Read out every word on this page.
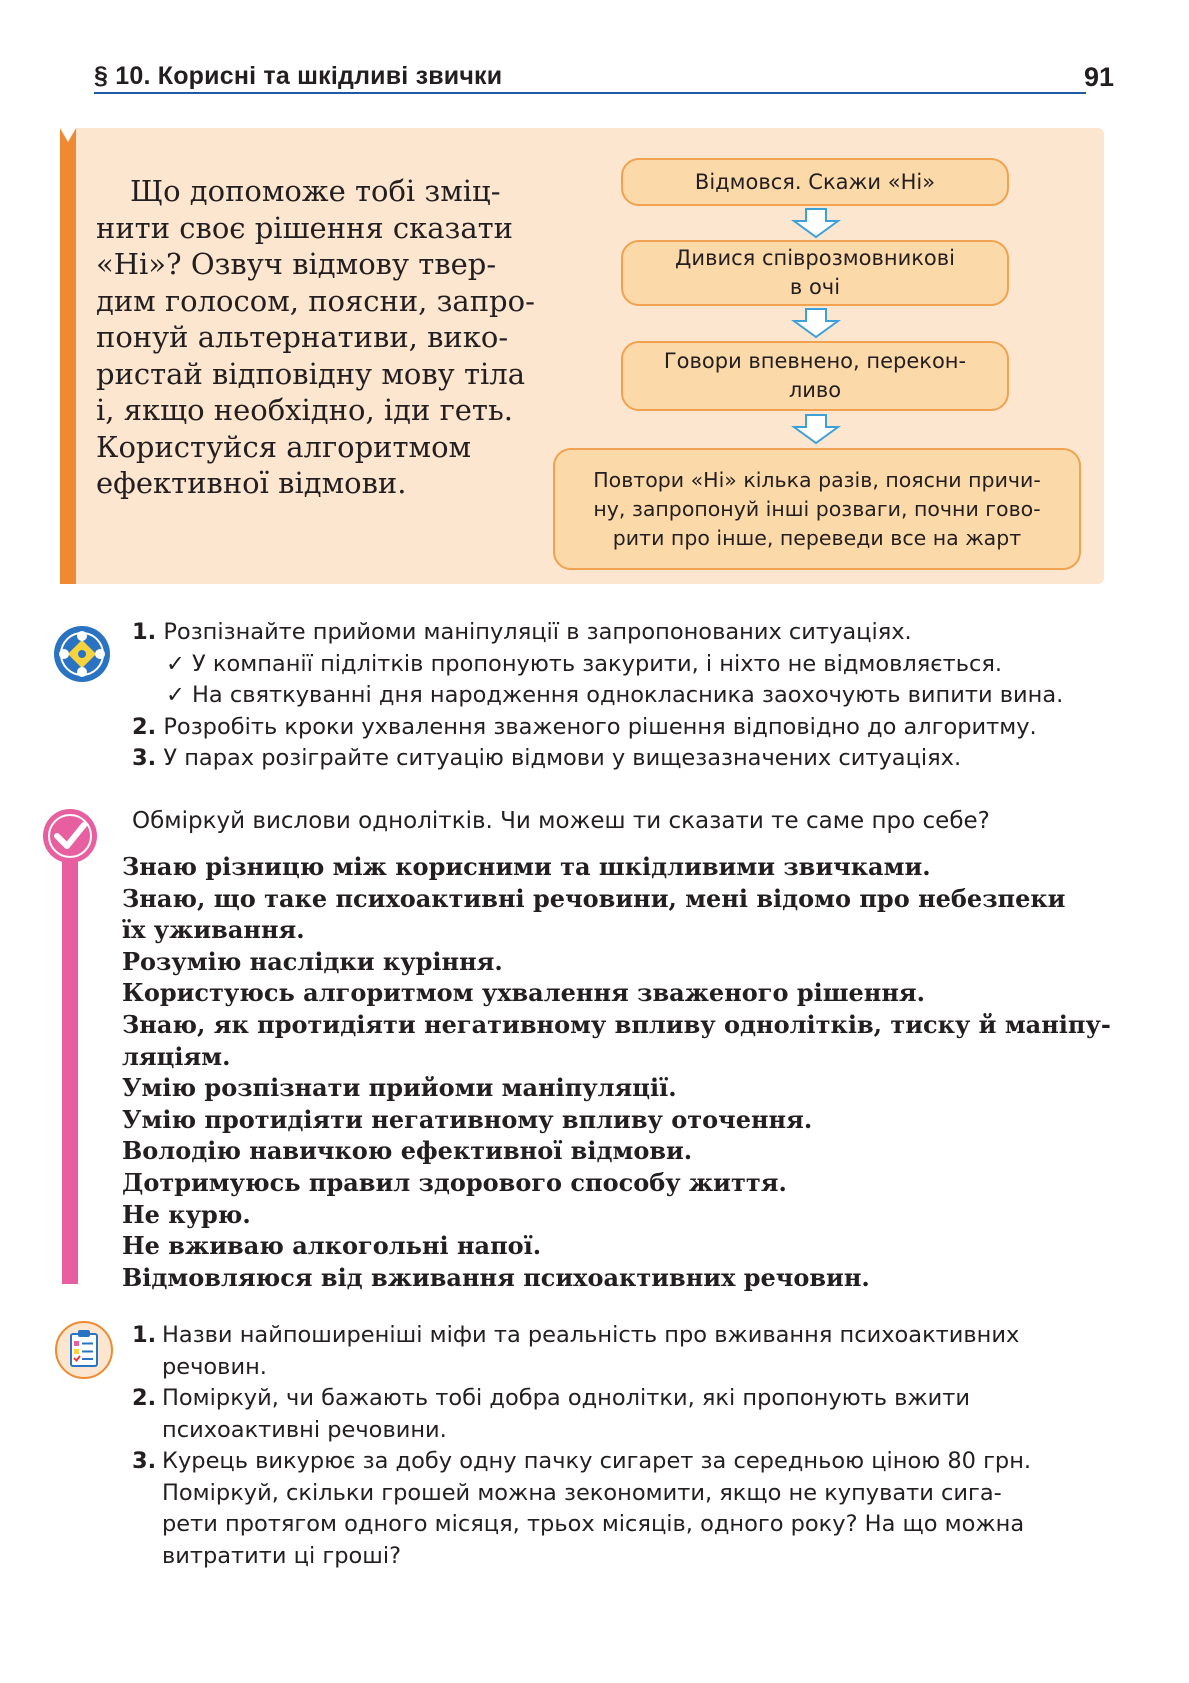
§ 10. Корисні та шкідливі звички	91

Що допоможе тобі зміц-

нити своє рішення сказати

«Ні»? Озвуч відмову твер-

дим голосом, поясни, запро-

понуй альтернативи, вико-

ристай відповідну мову тіла

і, якщо необхідно, іди геть.

Користуйся алгоритмом

ефективної відмови.

Відмовся. Скажи «Ні»
Дивися співрозмовникові
в очі
Говори впевнено, перекон-
ливо
Повтори «Ні» кілька разів, поясни причи-
ну, запропонуй інші розваги, почни гово-
рити про інше, переведи все на жарт
1. Розпізнайте прийоми маніпуляції в запропонованих ситуаціях.
✓ У компанії підлітків пропонують закурити, і ніхто не відмовляється.
✓ На святкуванні дня народження однокласника заохочують випити вина.
2. Розробіть кроки ухвалення зваженого рішення відповідно до алгоритму.
3. У парах розіграйте ситуацію відмови у вищезазначених ситуаціях.
Обміркуй вислови однолітків. Чи можеш ти сказати те саме про себе?
Знаю різницю між корисними та шкідливими звичками.
Знаю, що таке психоактивні речовини, мені відомо про небезпеки
їх уживання.
Розумію наслідки куріння.
Користуюсь алгоритмом ухвалення зваженого рішення.
Знаю, як протидіяти негативному впливу однолітків, тиску й маніпу-
ляціям.
Умію розпізнати прийоми маніпуляції.
Умію протидіяти негативному впливу оточення.
Володію навичкою ефективної відмови.
Дотримуюсь правил здорового способу життя.
Не курю.
Не вживаю алкогольні напої.
Відмовляюся від вживання психоактивних речовин.
1. Назви найпоширеніші міфи та реальність про вживання психоактивних
речовин.
2. Поміркуй, чи бажають тобі добра однолітки, які пропонують вжити
психоактивні речовини.
3. Курець викурює за добу одну пачку сигарет за середньою ціною 80 грн.
Поміркуй, скільки грошей можна зекономити, якщо не купувати сига-
рети протягом одного місяця, трьох місяців, одного року? На що можна
витратити ці гроші?
